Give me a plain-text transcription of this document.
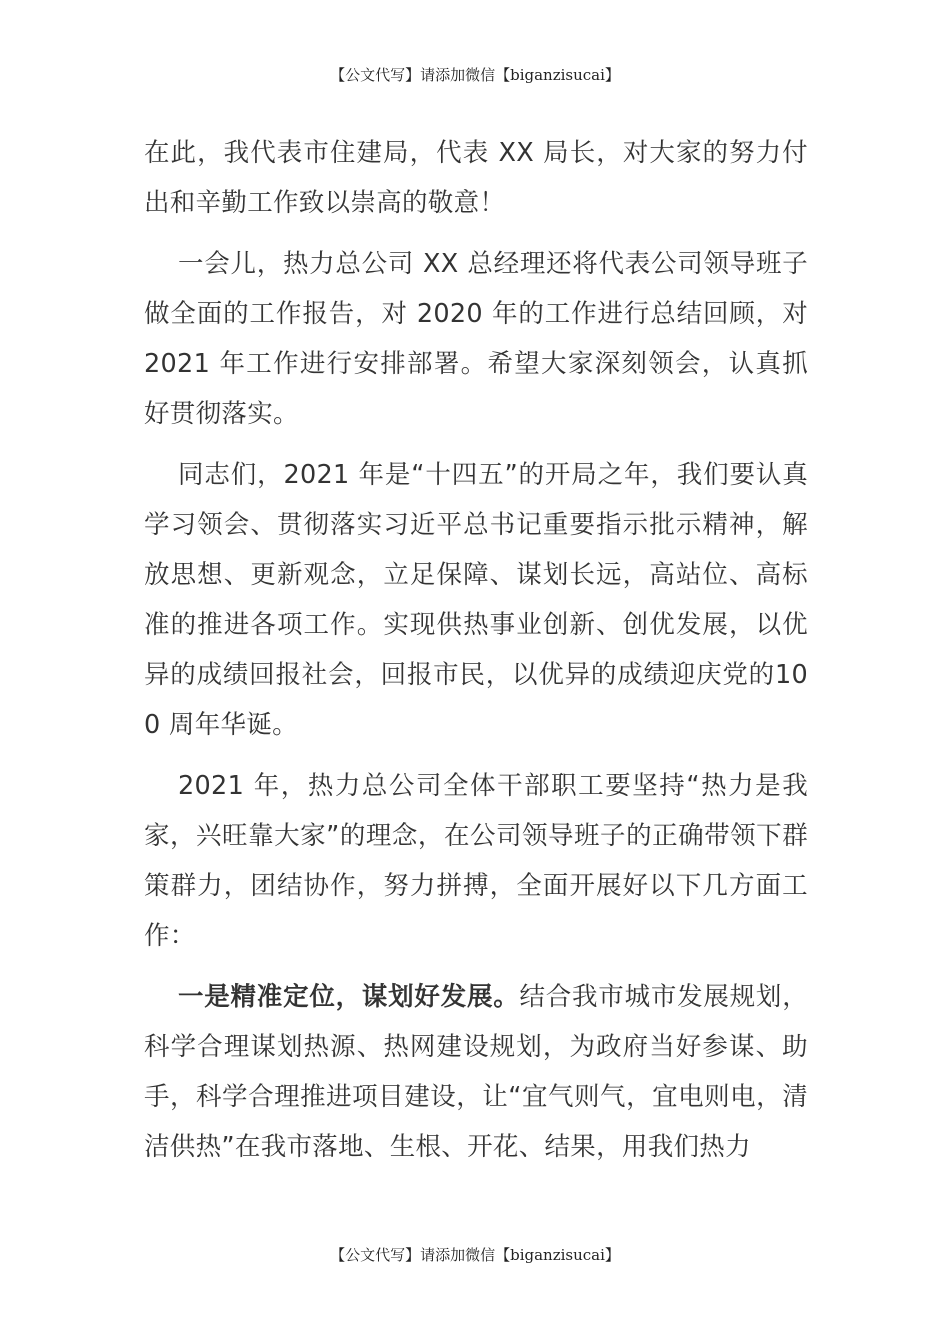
【公文代写】请添加微信【biganzisucai】

在此，我代表市住建局，代表 XX 局长，对大家的努力付出和辛勤工作致以崇高的敬意！

一会儿，热力总公司 XX 总经理还将代表公司领导班子做全面的工作报告，对 2020 年的工作进行总结回顾，对2021 年工作进行安排部署。希望大家深刻领会，认真抓好贯彻落实。

同志们，2021 年是“十四五”的开局之年，我们要认真学习领会、贯彻落实习近平总书记重要指示批示精神，解放思想、更新观念，立足保障、谋划长远，高站位、高标准的推进各项工作。实现供热事业创新、创优发展，以优异的成绩回报社会，回报市民，以优异的成绩迎庆党的100 周年华诞。

2021 年，热力总公司全体干部职工要坚持“热力是我家，兴旺靠大家”的理念，在公司领导班子的正确带领下群策群力，团结协作，努力拼搏，全面开展好以下几方面工作：

一是精准定位，谋划好发展。结合我市城市发展规划，科学合理谋划热源、热网建设规划，为政府当好参谋、助手，科学合理推进项目建设，让“宜气则气，宜电则电，清洁供热”在我市落地、生根、开花、结果，用我们热力

【公文代写】请添加微信【biganzisucai】
